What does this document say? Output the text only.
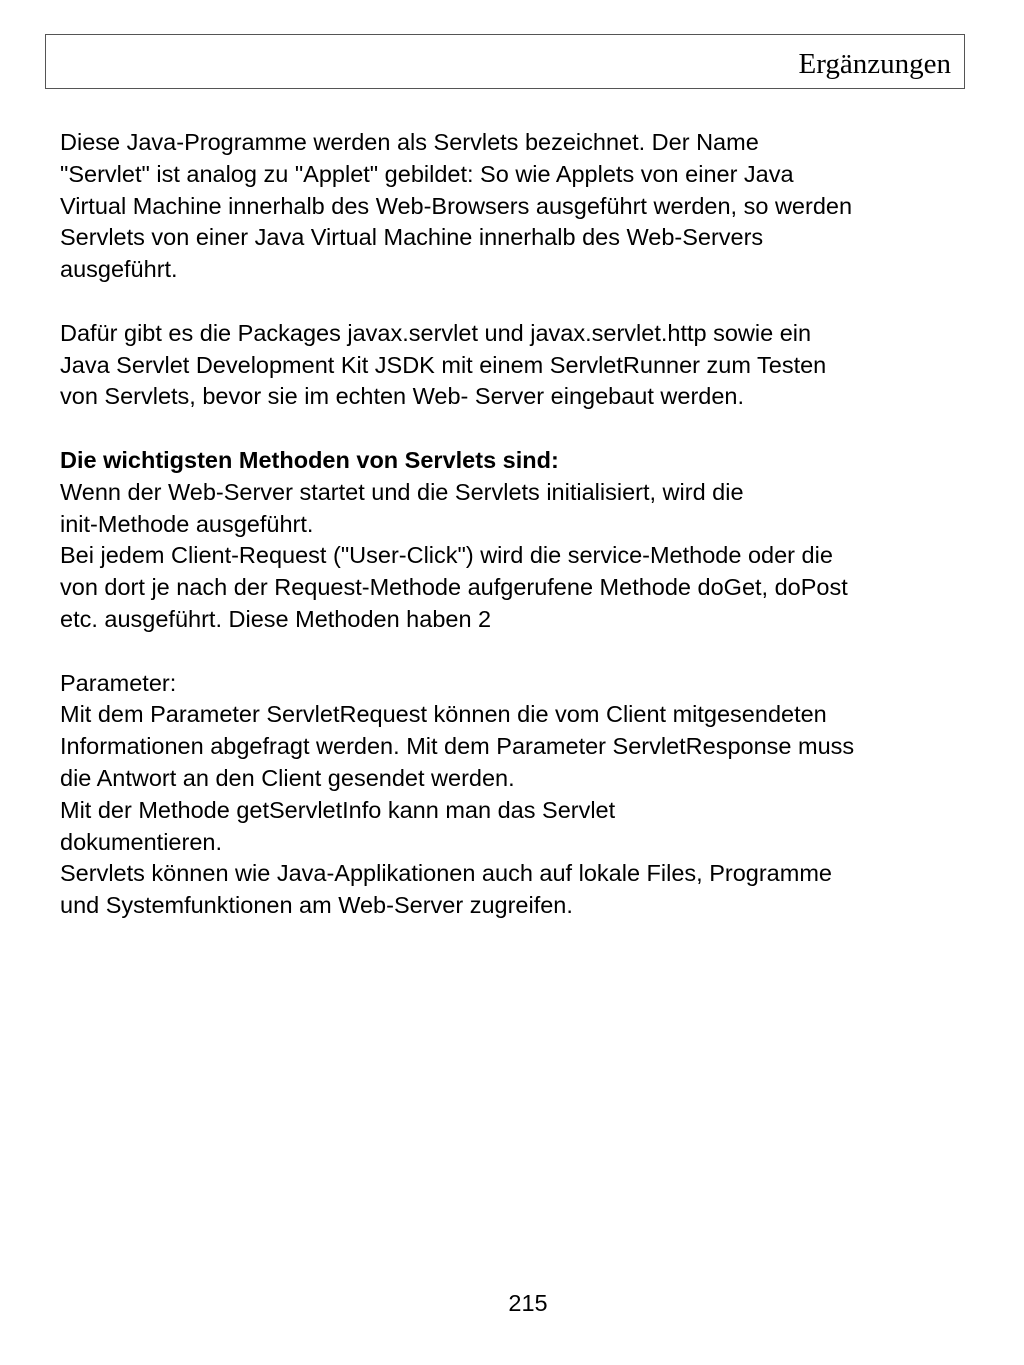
Ergänzungen

Diese Java-Programme werden als Servlets bezeichnet. Der Name

"Servlet" ist analog zu "Applet" gebildet: So wie Applets von einer Java

Virtual Machine innerhalb des Web-Browsers ausgeführt werden, so werden

Servlets von einer Java Virtual Machine innerhalb des Web-Servers

ausgeführt.

Dafür gibt es die Packages javax.servlet und javax.servlet.http sowie ein

Java Servlet Development Kit JSDK mit einem ServletRunner zum Testen

von Servlets, bevor sie im echten Web- Server eingebaut werden.

Die wichtigsten Methoden von Servlets sind:

Wenn der Web-Server startet und die Servlets initialisiert, wird die

init-Methode ausgeführt.

Bei jedem Client-Request ("User-Click") wird die service-Methode oder die

von dort je nach der Request-Methode aufgerufene Methode doGet, doPost

etc. ausgeführt. Diese Methoden haben 2

Parameter:

Mit dem Parameter ServletRequest können die vom Client mitgesendeten

Informationen abgefragt werden. Mit dem Parameter ServletResponse muss

die Antwort an den Client gesendet werden.

Mit der Methode getServletInfo kann man das Servlet

dokumentieren.

Servlets können wie Java-Applikationen auch auf lokale Files, Programme

und Systemfunktionen am Web-Server zugreifen.

215
